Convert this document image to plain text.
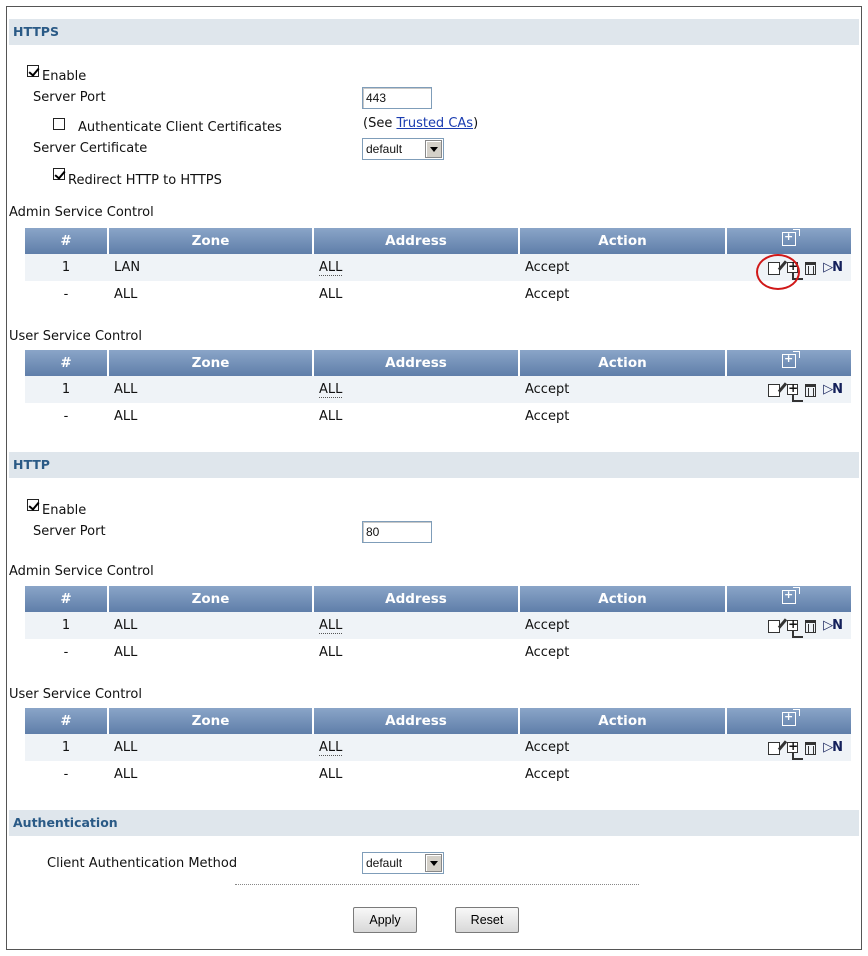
HTTPS
Enable
Server Port	443
Authenticate Client Certificates	(See Trusted CAs)
Server Certificate	default
Redirect HTTP to HTTPS
Admin Service Control
#	Zone	Address	Action	+
1	LAN	ALL	Accept	
+▷N

-	ALL	ALL	Accept	
User Service Control
#	Zone	Address	Action	+
1	ALL	ALL	Accept	
+▷N

-	ALL	ALL	Accept	
HTTP
Enable
Server Port	80
Admin Service Control
#	Zone	Address	Action	+
1	ALL	ALL	Accept	
+▷N

-	ALL	ALL	Accept	
User Service Control
#	Zone	Address	Action	+
1	ALL	ALL	Accept	
+▷N

-	ALL	ALL	Accept	
Authentication
Client Authentication Method	default
Apply	Reset
